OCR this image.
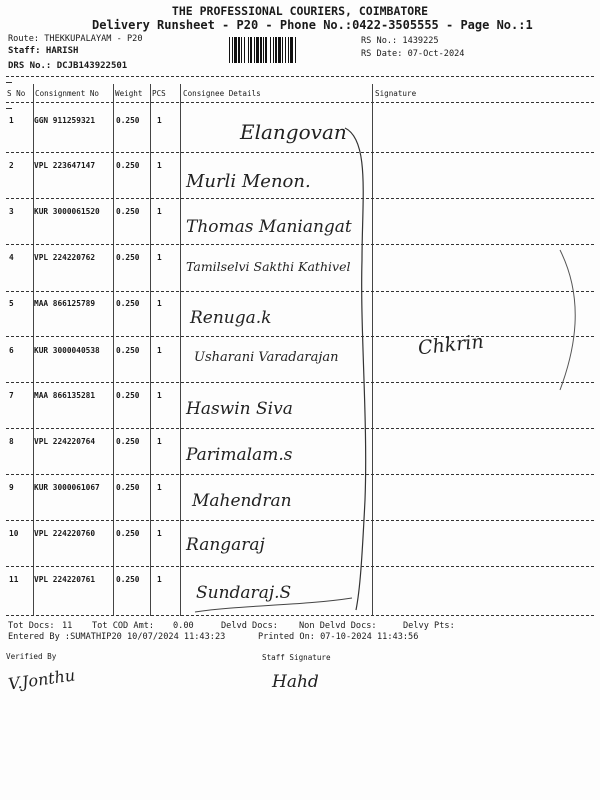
THE PROFESSIONAL COURIERS, COIMBATORE
Delivery Runsheet - P20 - Phone No.:0422-3505555 - Page No.:1
Route: THEKKUPALAYAM - P20
Staff: HARISH
DRS No.: DCJB143922501
RS No.: 1439225
RS Date: 07-Oct-2024
S No Consignment No Weight PCS Consignee Details	Signature
1	GGN 911259321	0.250 1	Elangovan
2	VPL 223647147	0.250 1
Murli Menon.
3	KUR 3000061520 0.250 1
Thomas Maniangat
4	VPL 224220762	0.250 1
Tamilselvi Sakthi Kathivel
5	MAA 866125789	0.250 1
Renuga.k
6	KUR 3000040538 0.250 1 Usharani Varadarajan
7	MAA 866135281	0.250 1
Haswin Siva
8	VPL 224220764	0.250 1
Parimalam.s
9	KUR 3000061067 0.250 1
Mahendran
10 VPL 224220760	0.250 1
Rangaraj
11 VPL 224220761	0.250 1
Sundaraj.S
Chkrin
Tot Docs: 11 Tot COD Amt: 0.00	Delvd Docs: Non Delvd Docs:	Delvy Pts:
Entered By :SUMATHIP20 10/07/2024 11:43:23	Printed On: 07-10-2024 11:43:56
Verified By	Staff Signature
V.Jonthu	Hahd
